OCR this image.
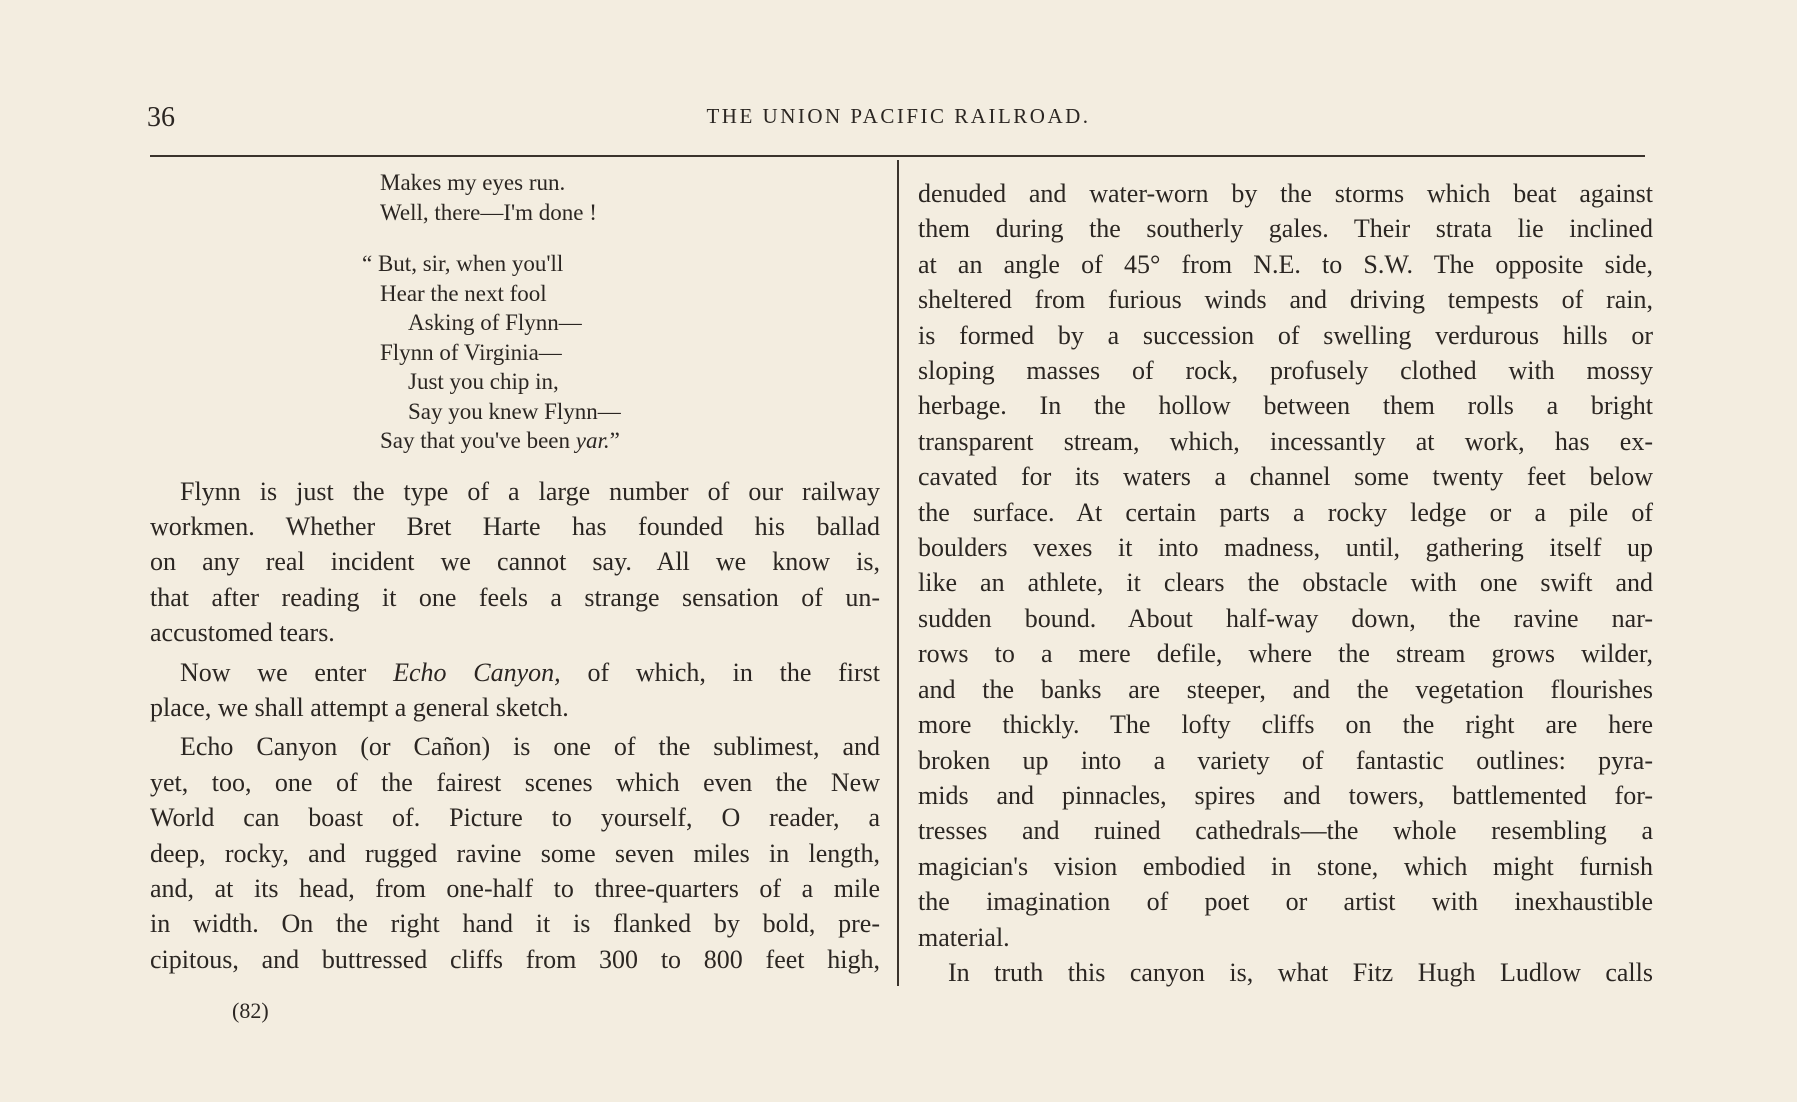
36	THE UNION PACIFIC RAILROAD.
Makes my eyes run.
Well, there—I'm done !
“ But, sir, when you'll
Hear the next fool
Asking of Flynn—
Flynn of Virginia—
Just you chip in,
Say you knew Flynn—
Say that you've been yar.”
Flynn is just the type of a large number of our railway
workmen. Whether Bret Harte has founded his ballad
on any real incident we cannot say. All we know is,
that after reading it one feels a strange sensation of un-
accustomed tears.
Now we enter Echo Canyon, of which, in the first
place, we shall attempt a general sketch.
Echo Canyon (or Cañon) is one of the sublimest, and
yet, too, one of the fairest scenes which even the New
World can boast of. Picture to yourself, O reader, a
deep, rocky, and rugged ravine some seven miles in length,
and, at its head, from one-half to three-quarters of a mile
in width. On the right hand it is flanked by bold, pre-
cipitous, and buttressed cliffs from 300 to 800 feet high,
denuded and water-worn by the storms which beat against
them during the southerly gales. Their strata lie inclined
at an angle of 45° from N.E. to S.W. The opposite side,
sheltered from furious winds and driving tempests of rain,
is formed by a succession of swelling verdurous hills or
sloping masses of rock, profusely clothed with mossy
herbage. In the hollow between them rolls a bright
transparent stream, which, incessantly at work, has ex-
cavated for its waters a channel some twenty feet below
the surface. At certain parts a rocky ledge or a pile of
boulders vexes it into madness, until, gathering itself up
like an athlete, it clears the obstacle with one swift and
sudden bound. About half-way down, the ravine nar-
rows to a mere defile, where the stream grows wilder,
and the banks are steeper, and the vegetation flourishes
more thickly. The lofty cliffs on the right are here
broken up into a variety of fantastic outlines: pyra-
mids and pinnacles, spires and towers, battlemented for-
tresses and ruined cathedrals—the whole resembling a
magician's vision embodied in stone, which might furnish
the imagination of poet or artist with inexhaustible
material.
In truth this canyon is, what Fitz Hugh Ludlow calls
(82)
